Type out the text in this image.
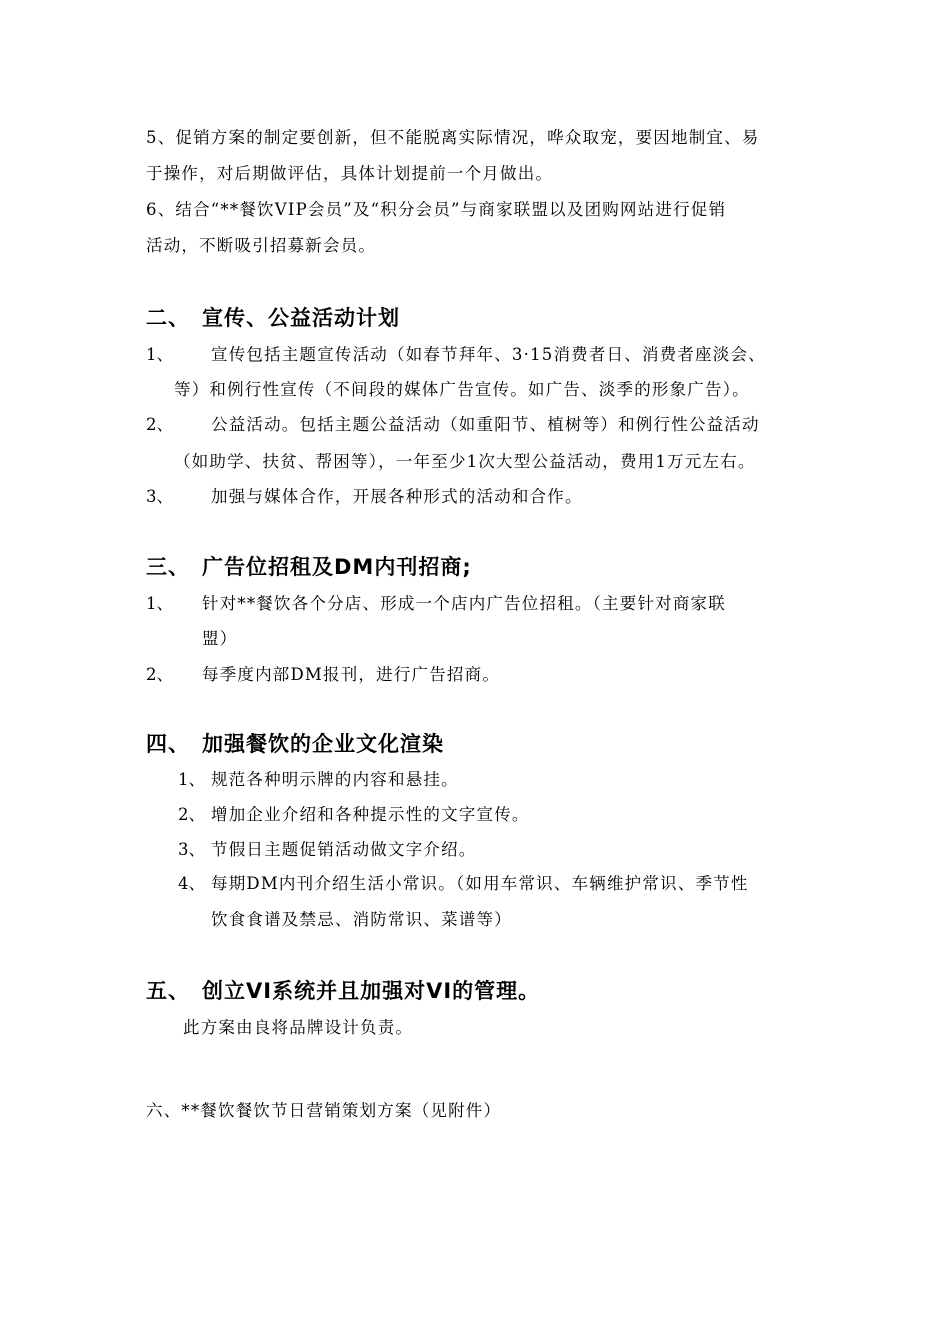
5、促销方案的制定要创新，但不能脱离实际情况，哗众取宠，要因地制宜、易
于操作，对后期做评估，具体计划提前一个月做出。
6、结合“**餐饮VIP会员”及“积分会员”与商家联盟以及团购网站进行促销
活动，不断吸引招募新会员。
二、 宣传、公益活动计划
1、 宣传包括主题宣传活动（如春节拜年、3·15消费者日、消费者座淡会、
等）和例行性宣传（不间段的媒体广告宣传。如广告、淡季的形象广告）。
2、 公益活动。包括主题公益活动（如重阳节、植树等）和例行性公益活动
（如助学、扶贫、帮困等），一年至少1次大型公益活动，费用1万元左右。
3、 加强与媒体合作，开展各种形式的活动和合作。
三、 广告位招租及DM内刊招商;
1、 针对**餐饮各个分店、形成一个店内广告位招租。（主要针对商家联
盟）
2、 每季度内部DM报刊，进行广告招商。
四、 加强餐饮的企业文化渲染
1、 规范各种明示牌的内容和悬挂。
2、 增加企业介绍和各种提示性的文字宣传。
3、 节假日主题促销活动做文字介绍。
4、 每期DM内刊介绍生活小常识。（如用车常识、车辆维护常识、季节性
饮食食谱及禁忌、消防常识、菜谱等）
五、 创立VI系统并且加强对VI的管理。
此方案由良将品牌设计负责。
六、**餐饮餐饮节日营销策划方案（见附件）
